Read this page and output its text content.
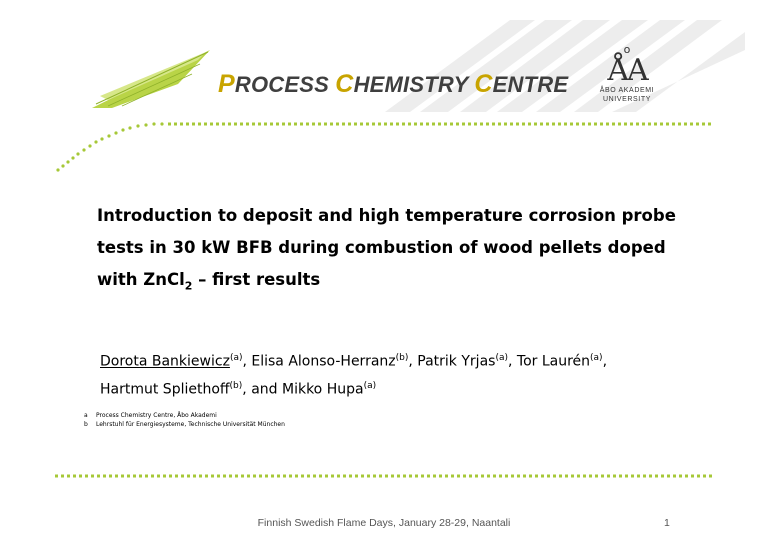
PROCESS CHEMISTRY CENTRE
o
ÅA
ÅBO AKADEMI
UNIVERSITY
Introduction to deposit and high temperature corrosion probe
tests in 30 kW BFB during combustion of wood pellets doped
with ZnCl$_2$ – first results
Dorota Bankiewicz$^{(a)}$, Elisa Alonso-Herranz$^{(b)}$, Patrik Yrjas$^{(a)}$, Tor Laurén$^{(a)}$,
Hartmut Spliethoff$^{(b)}$, and Mikko Hupa$^{(a)}$
a Process Chemistry Centre, Åbo Akademi
b Lehrstuhl für Energiesysteme, Technische Universität München
Finnish Swedish Flame Days, January 28-29, Naantali	1
